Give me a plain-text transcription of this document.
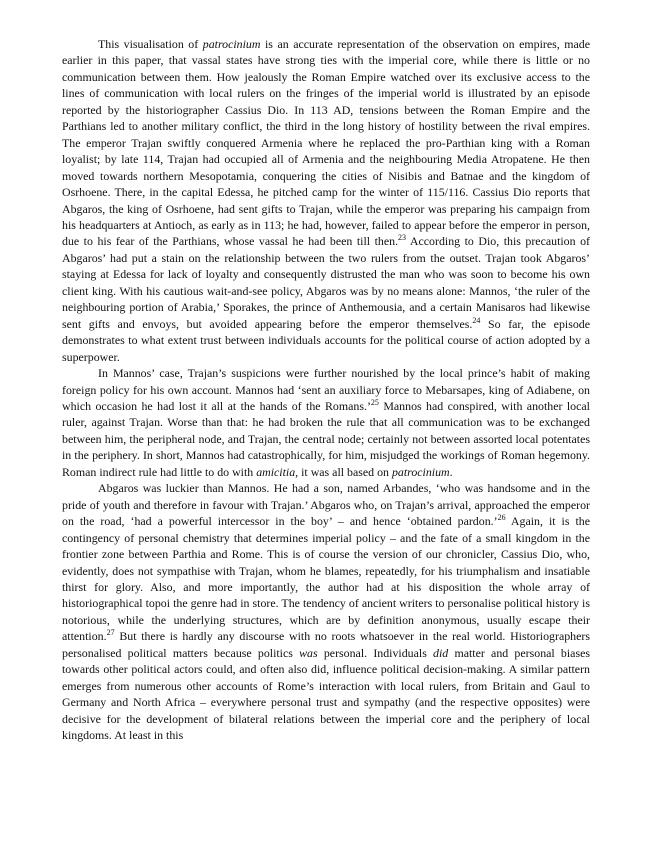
This visualisation of patrocinium is an accurate representation of the observation on empires, made earlier in this paper, that vassal states have strong ties with the imperial core, while there is little or no communication between them. How jealously the Roman Empire watched over its exclusive access to the lines of communication with local rulers on the fringes of the imperial world is illustrated by an episode reported by the historiographer Cassius Dio. In 113 AD, tensions between the Roman Empire and the Parthians led to another military conflict, the third in the long history of hostility between the rival empires. The emperor Trajan swiftly conquered Armenia where he replaced the pro-Parthian king with a Roman loyalist; by late 114, Trajan had occupied all of Armenia and the neighbouring Media Atropatene. He then moved towards northern Mesopotamia, conquering the cities of Nisibis and Batnae and the kingdom of Osrhoene. There, in the capital Edessa, he pitched camp for the winter of 115/116. Cassius Dio reports that Abgaros, the king of Osrhoene, had sent gifts to Trajan, while the emperor was preparing his campaign from his headquarters at Antioch, as early as in 113; he had, however, failed to appear before the emperor in person, due to his fear of the Parthians, whose vassal he had been till then.$^{23}$ According to Dio, this precaution of Abgaros’ had put a stain on the relationship between the two rulers from the outset. Trajan took Abgaros’ staying at Edessa for lack of loyalty and consequently distrusted the man who was soon to become his own client king. With his cautious wait-and-see policy, Abgaros was by no means alone: Mannos, ‘the ruler of the neighbouring portion of Arabia,’ Sporakes, the prince of Anthemousia, and a certain Manisaros had likewise sent gifts and envoys, but avoided appearing before the emperor themselves.$^{24}$ So far, the episode demonstrates to what extent trust between individuals accounts for the political course of action adopted by a superpower.

In Mannos’ case, Trajan’s suspicions were further nourished by the local prince’s habit of making foreign policy for his own account. Mannos had ‘sent an auxiliary force to Mebarsapes, king of Adiabene, on which occasion he had lost it all at the hands of the Romans.’$^{25}$ Mannos had conspired, with another local ruler, against Trajan. Worse than that: he had broken the rule that all communication was to be exchanged between him, the peripheral node, and Trajan, the central node; certainly not between assorted local potentates in the periphery. In short, Mannos had catastrophically, for him, misjudged the workings of Roman hegemony. Roman indirect rule had little to do with amicitia, it was all based on patrocinium.

Abgaros was luckier than Mannos. He had a son, named Arbandes, ‘who was handsome and in the pride of youth and therefore in favour with Trajan.’ Abgaros who, on Trajan’s arrival, approached the emperor on the road, ‘had a powerful intercessor in the boy’ – and hence ‘obtained pardon.’$^{26}$ Again, it is the contingency of personal chemistry that determines imperial policy – and the fate of a small kingdom in the frontier zone between Parthia and Rome. This is of course the version of our chronicler, Cassius Dio, who, evidently, does not sympathise with Trajan, whom he blames, repeatedly, for his triumphalism and insatiable thirst for glory. Also, and more importantly, the author had at his disposition the whole array of historiographical topoi the genre had in store. The tendency of ancient writers to personalise political history is notorious, while the underlying structures, which are by definition anonymous, usually escape their attention.$^{27}$ But there is hardly any discourse with no roots whatsoever in the real world. Historiographers personalised political matters because politics was personal. Individuals did matter and personal biases towards other political actors could, and often also did, influence political decision-making. A similar pattern emerges from numerous other accounts of Rome’s interaction with local rulers, from Britain and Gaul to Germany and North Africa – everywhere personal trust and sympathy (and the respective opposites) were decisive for the development of bilateral relations between the imperial core and the periphery of local kingdoms. At least in this
